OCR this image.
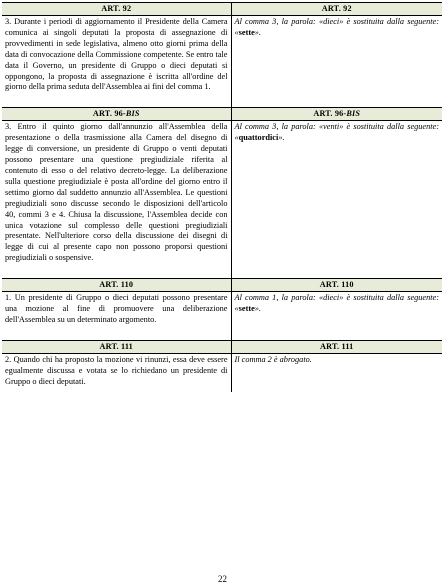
ART. 92	ART. 92
3. Durante i periodi di aggiornamento il Presidente della Camera comunica ai singoli deputati la proposta di assegnazione di provvedimenti in sede legislativa, almeno otto giorni prima della data di convocazione della Commissione competente. Se entro tale data il Governo, un presidente di Gruppo o dieci deputati si oppongono, la proposta di assegnazione è iscritta all'ordine del giorno della prima seduta dell'Assemblea ai fini del comma 1.	Al comma 3, la parola: «dieci» è sostituita dalla seguente: «sette».

ART. 96-BIS	ART. 96-BIS
3. Entro il quinto giorno dall'annunzio all'Assemblea della presentazione o della trasmissione alla Camera del disegno di legge di conversione, un presidente di Gruppo o venti deputati possono presentare una questione pregiudiziale riferita al contenuto di esso o del relativo decreto-legge. La deliberazione sulla questione pregiudiziale è posta all'ordine del giorno entro il settimo giorno dal suddetto annunzio all'Assemblea. Le questioni pregiudiziali sono discusse secondo le disposizioni dell'articolo 40, commi 3 e 4. Chiusa la discussione, l'Assemblea decide con unica votazione sul complesso delle questioni pregiudiziali presentate. Nell'ulteriore corso della discussione dei disegni di legge di cui al presente capo non possono proporsi questioni pregiudiziali o sospensive.	Al comma 3, la parola: «venti» è sostituita dalla seguente: «quattordici».

ART. 110	ART. 110
1. Un presidente di Gruppo o dieci deputati possono presentare una mozione al fine di promuovere una deliberazione dell'Assemblea su un determinato argomento.	Al comma 1, la parola: «dieci» è sostituita dalla seguente: «sette».

ART. 111	ART. 111
2. Quando chi ha proposto la mozione vi rinunzi, essa deve essere egualmente discussa e votata se lo richiedano un presidente di Gruppo o dieci deputati.	Il comma 2 è abrogato.
22
